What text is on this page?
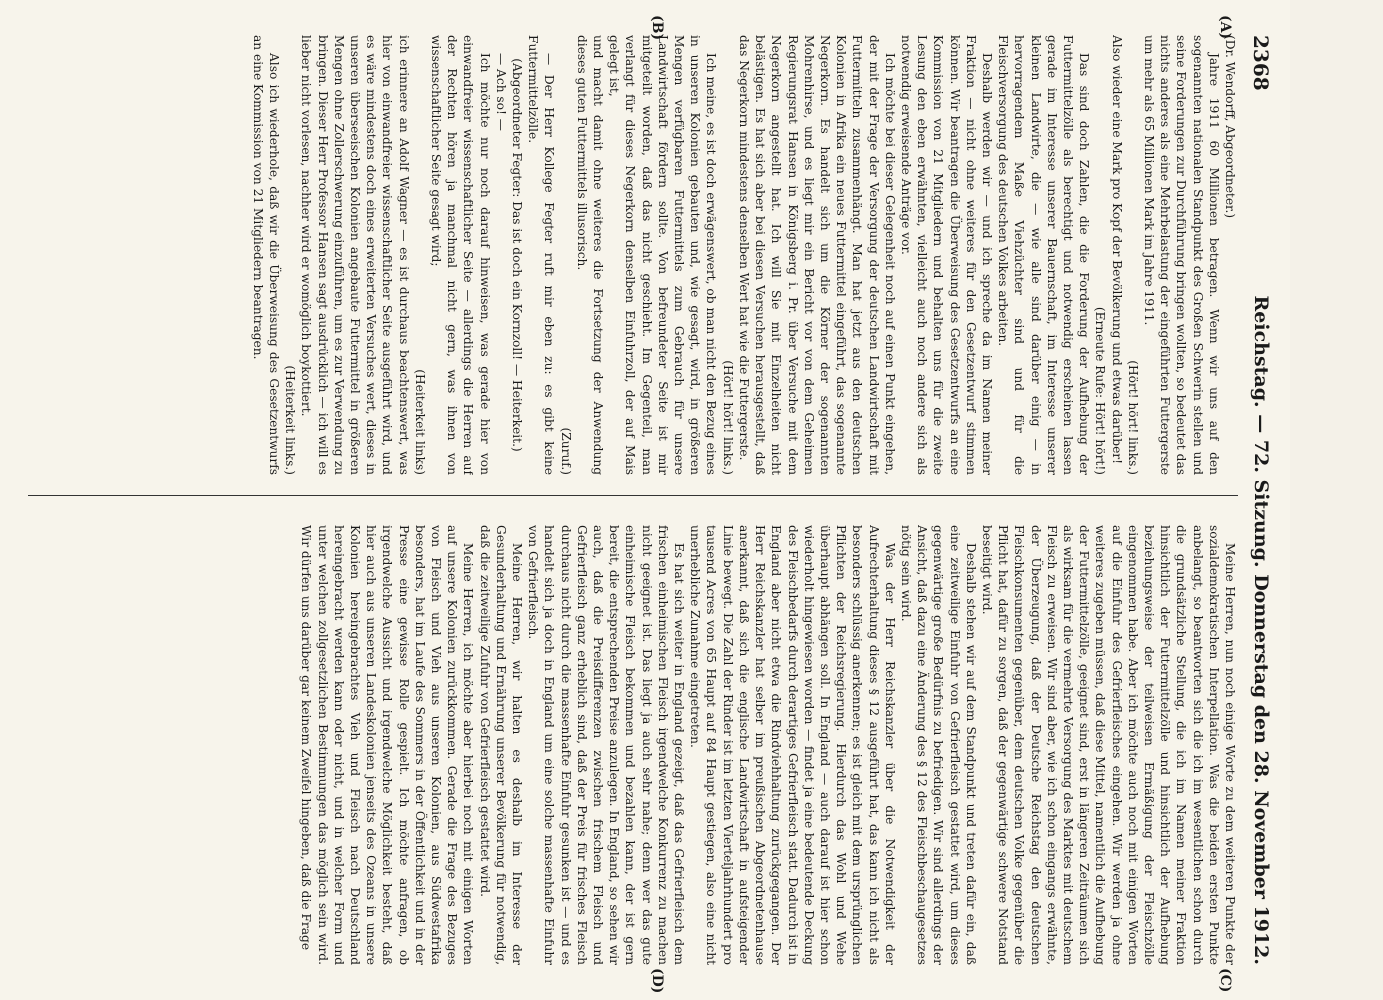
2368
Reichstag. — 72. Sitzung. Donnerstag den 28. November 1912.
(A)
(B)
(C)
(D)

(Dr. Wendorff, Abgeordneter.)

Jahre 1911 60 Millionen betragen. Wenn wir uns auf den sogenannten nationalen Standpunkt des Großen Schwerin stellen und seine Forderungen zur Durchführung bringen wollten, so bedeutet das nichts anderes als eine Mehrbelastung der eingeführten Futtergerste um mehr als 65 Millionen Mark im Jahre 1911.

(Hört! hört! links.)

Also wieder eine Mark pro Kopf der Bevölkerung und etwas darüber!

(Erneute Rufe: Hört! hört!)

Das sind doch Zahlen, die die Forderung der Aufhebung der Futtermittelzölle als berechtigt und notwendig erscheinen lassen gerade im Interesse unserer Bauernschaft, im Interesse unserer kleinen Landwirte, die — wie alle sind darüber einig — in hervorragendem Maße Viehzüchter sind und für die Fleischversorgung des deutschen Volkes arbeiten.

Deshalb werden wir — und ich spreche da im Namen meiner Fraktion — nicht ohne weiteres für den Gesetzentwurf stimmen können. Wir beantragen die Überweisung des Gesetzentwurfs an eine Kommission von 21 Mitgliedern und behalten uns für die zweite Lesung den eben erwähnten, vielleicht auch noch andere sich als notwendig erweisende Anträge vor.

Ich möchte bei dieser Gelegenheit noch auf einen Punkt eingehen, der mit der Frage der Versorgung der deutschen Landwirtschaft mit Futtermitteln zusammenhängt. Man hat jetzt aus den deutschen Kolonien in Afrika ein neues Futtermittel eingeführt, das sogenannte Negerkorn. Es handelt sich um die Körner der sogenannten Mohrenhirse, und es liegt mir ein Bericht vor von dem Geheimen Regierungsrat Hansen in Königsberg i. Pr. über Versuche mit dem Negerkorn angestellt hat. Ich will Sie mit Einzelheiten nicht belästigen. Es hat sich aber bei diesen Versuchen herausgestellt, daß das Negerkorn mindestens denselben Wert hat wie die Futtergerste.

(Hört! hört! links.)

Ich meine, es ist doch erwägenswert, ob man nicht den Bezug eines in unseren Kolonien gebauten und, wie gesagt, wird, in größeren Mengen verfügbaren Futtermittels zum Gebrauch für unsere Landwirtschaft fördern sollte. Von befreundeter Seite ist mir mitgeteilt worden, daß das nicht geschieht. Im Gegenteil, man verlangt für dieses Negerkorn denselben Einfuhrzoll, der auf Mais gelegt ist,

und macht damit ohne weiteres die Fortsetzung der Anwendung dieses guten Futtermittels illusorisch.

(Zuruf.)

— Der Herr Kollege Fegter ruft mir eben zu: es gibt keine Futtermittelzölle.

(Abgeordneter Fegter: Das ist doch ein Kornzoll! — Heiterkeit.)

— Ach so! —

Ich möchte nur noch darauf hinweisen, was gerade hier von einwandfreier wissenschaftlicher Seite — allerdings die Herren auf der Rechten hören ja manchmal nicht gern, was ihnen von wissenschaftlicher Seite gesagt wird;

(Heiterkeit links)

ich erinnere an Adolf Wagner — es ist durchaus beachtenswert, was hier von einwandfreier wissenschaftlicher Seite ausgeführt wird, und es wäre mindestens doch eines erweiterten Versuches wert, dieses in unseren überseeischen Kolonien angebaute Futtermittel in größeren Mengen ohne Zollerschwerung einzuführen, um es zur Verwendung zu bringen. Dieser Herr Professor Hansen sagt ausdrücklich — ich will es lieber nicht vorlesen, nachher wird er womöglich boykottiert.

(Heiterkeit links.)

Also ich wiederhole, daß wir die Überweisung des Gesetzentwurfs an eine Kommission von 21 Mitgliedern beantragen.

Meine Herren, nun noch einige Worte zu dem weiteren Punkte der sozialdemokratischen Interpellation. Was die beiden ersten Punkte anbelangt, so beantworten sich die ich im wesentlichen schon durch die grundsätzliche Stellung, die ich im Namen meiner Fraktion hinsichtlich der Futtermittelzölle und hinsichtlich der Aufhebung beziehungsweise der teilweisen Ermäßigung der Fleischzölle eingenommen habe. Aber ich möchte auch noch mit einigen Worten auf die Einfuhr des Gefrierfleisches eingehen. Wir werden ja ohne weiteres zugeben müssen, daß diese Mittel, namentlich die Aufhebung der Futtermittelzölle, geeignet sind, erst in längeren Zeiträumen sich als wirksam für die vermehrte Versorgung des Marktes mit deutschem Fleisch zu erweisen. Wir sind aber, wie ich schon eingangs erwähnte, der Überzeugung, daß der Deutsche Reichstag den deutschen Fleischkonsumenten gegenüber, dem deutschen Volke gegenüber die Pflicht hat, dafür zu sorgen, daß der gegenwärtige schwere Notstand beseitigt wird.

Deshalb stehen wir auf dem Standpunkt und treten dafür ein, daß eine zeitweilige Einfuhr von Gefrierfleisch gestattet wird, um dieses gegenwärtige große Bedürfnis zu befriedigen. Wir sind allerdings der Ansicht, daß dazu eine Änderung des § 12 des Fleischbeschaugesetzes nötig sein wird.

Was der Herr Reichskanzler über die Notwendigkeit der Aufrechterhaltung dieses § 12 ausgeführt hat, das kann ich nicht als besonders schlüssig anerkennen; es ist gleich mit dem ursprünglichen Pflichten der Reichsregierung. Hierdurch das Wohl und Wehe überhaupt abhängen soll. In England — auch darauf ist hier schon wiederholt hingewiesen worden — findet ja eine bedeutende Deckung des Fleischbedarfs durch derartiges Gefrierfleisch statt. Dadurch ist in England aber nicht etwa die Rindviehhaltung zurückgegangen. Der Herr Reichskanzler hat selber im preußischen Abgeordnetenhause anerkannt, daß sich die englische Landwirtschaft in aufsteigender Linie bewegt. Die Zahl der Rinder ist im letzten Vierteljahrhundert pro tausend Acres von 65 Haupt auf 84 Haupt gestiegen, also eine nicht unerhebliche Zunahme eingetreten.

Es hat sich weiter in England gezeigt, daß das Gefrierfleisch dem frischen einheimischen Fleisch irgendwelche Konkurrenz zu machen nicht geeignet ist. Das liegt ja auch sehr nahe; denn wer das gute einheimische Fleisch bekommen und bezahlen kann, der ist gern bereit, die entsprechenden Preise anzulegen. In England, so sehen wir auch, daß die Preisdifferenzen zwischen frischem Fleisch und Gefrierfleisch ganz erheblich sind, daß der Preis für frisches Fleisch durchaus nicht durch die massenhafte Einfuhr gesunken ist — und es handelt sich ja doch in England um eine solche massenhafte Einfuhr von Gefrierfleisch.

Meine Herren, wir halten es deshalb im Interesse der Gesunderhaltung und Ernährung unserer Bevölkerung für notwendig, daß die zeitweilige Zufuhr von Gefrierfleisch gestattet wird.

Meine Herren, ich möchte aber hierbei noch mit einigen Worten auf unsere Kolonien zurückkommen. Gerade die Frage des Bezuges von Fleisch und Vieh aus unseren Kolonien, aus Südwestafrika besonders, hat im Laufe des Sommers in der Öffentlichkeit und in der Presse eine gewisse Rolle gespielt. Ich möchte anfragen, ob irgendwelche Aussicht und irgendwelche Möglichkeit besteht, daß hier auch aus unseren Landeskolonien jenseits des Ozeans in unsere Kolonien hereingebrachtes Vieh und Fleisch nach Deutschland hereingebracht werden kann oder nicht, und in welcher Form und unter welchen zollgesetzlichen Bestimmungen das möglich sein wird. Wir dürfen uns darüber gar keinem Zweifel hingeben, daß die Frage
